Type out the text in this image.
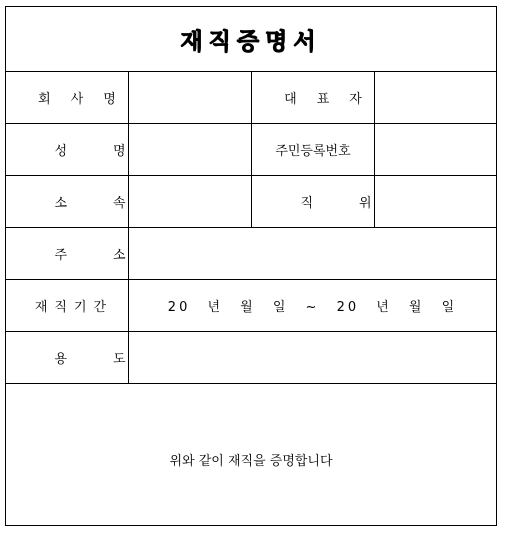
재직증명서
회사명	대표자
성명	주민등록번호
소속	직위
주소
재직기간	20 년 월 일 ~ 20 년 월 일
용도
위와 같이 재직을 증명합니다
